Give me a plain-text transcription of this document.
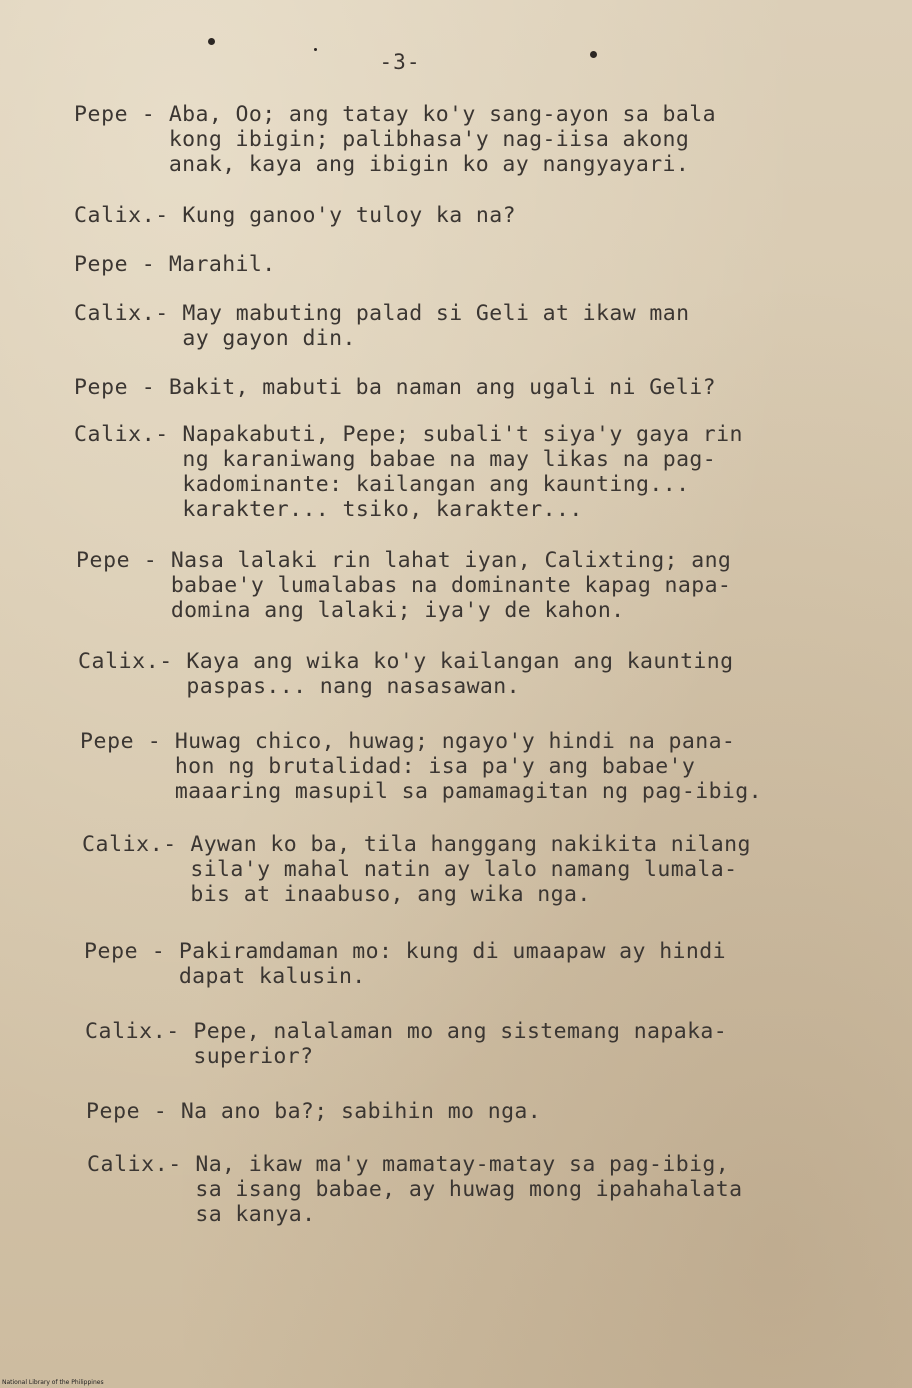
-3-
Pepe - Aba, Oo; ang tatay ko'y sang-ayon sa bala
kong ibigin; palibhasa'y nag-iisa akong
anak, kaya ang ibigin ko ay nangyayari.
Calix.- Kung ganoo'y tuloy ka na?
Pepe - Marahil.
Calix.- May mabuting palad si Geli at ikaw man
ay gayon din.
Pepe - Bakit, mabuti ba naman ang ugali ni Geli?
Calix.- Napakabuti, Pepe; subali't siya'y gaya rin
ng karaniwang babae na may likas na pag-
kadominante: kailangan ang kaunting...
karakter... tsiko, karakter...
Pepe - Nasa lalaki rin lahat iyan, Calixting; ang
babae'y lumalabas na dominante kapag napa-
domina ang lalaki; iya'y de kahon.
Calix.- Kaya ang wika ko'y kailangan ang kaunting
paspas... nang nasasawan.
Pepe - Huwag chico, huwag; ngayo'y hindi na pana-
hon ng brutalidad: isa pa'y ang babae'y
maaaring masupil sa pamamagitan ng pag-ibig.
Calix.- Aywan ko ba, tila hanggang nakikita nilang
sila'y mahal natin ay lalo namang lumala-
bis at inaabuso, ang wika nga.
Pepe - Pakiramdaman mo: kung di umaapaw ay hindi
dapat kalusin.
Calix.- Pepe, nalalaman mo ang sistemang napaka-
superior?
Pepe - Na ano ba?; sabihin mo nga.
Calix.- Na, ikaw ma'y mamatay-matay sa pag-ibig,
sa isang babae, ay huwag mong ipahahalata
sa kanya.
National Library of the Philippines
